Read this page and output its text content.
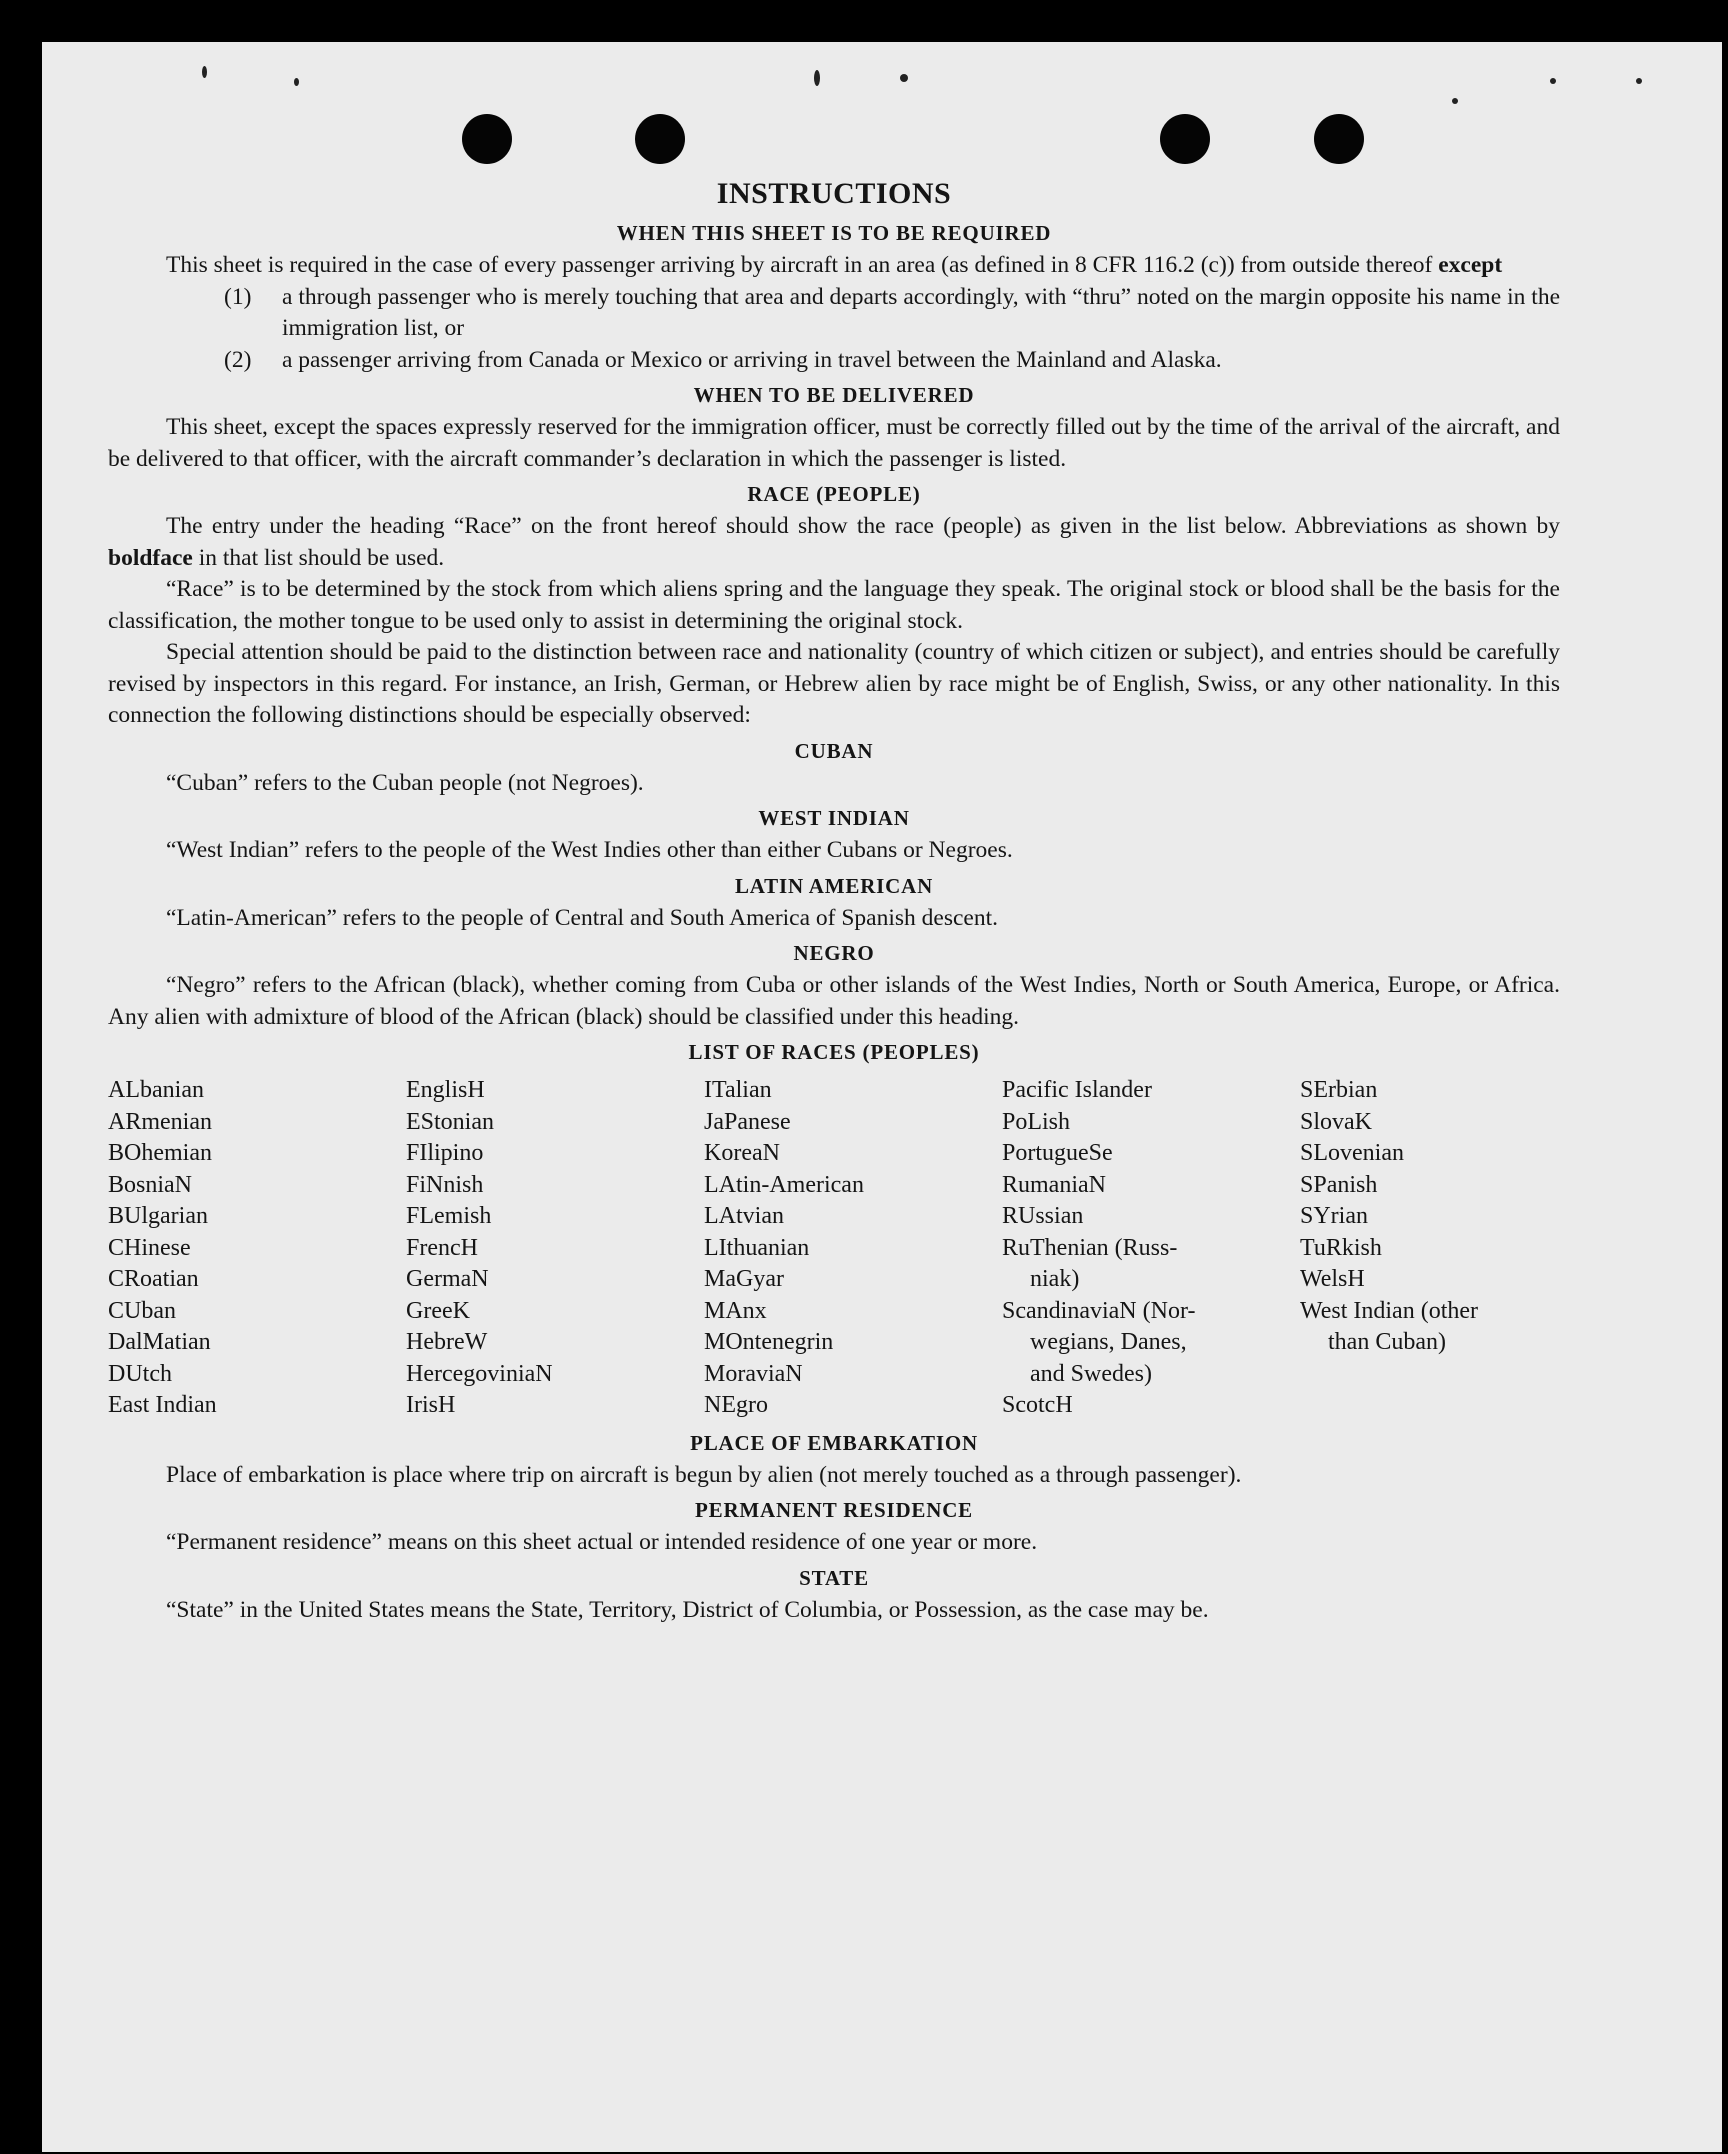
INSTRUCTIONS
WHEN THIS SHEET IS TO BE REQUIRED

This sheet is required in the case of every passenger arriving by aircraft in an area (as defined in 8 CFR 116.2 (c)) from outside thereof except

(1)	a through passenger who is merely touching that area and departs accordingly, with “thru” noted on the margin opposite his name in the immigration list, or
(2)	a passenger arriving from Canada or Mexico or arriving in travel between the Mainland and Alaska.
WHEN TO BE DELIVERED

This sheet, except the spaces expressly reserved for the immigration officer, must be correctly filled out by the time of the arrival of the aircraft, and be delivered to that officer, with the aircraft commander’s declaration in which the passenger is listed.

RACE (PEOPLE)

The entry under the heading “Race” on the front hereof should show the race (people) as given in the list below. Abbreviations as shown by boldface in that list should be used.

“Race” is to be determined by the stock from which aliens spring and the language they speak. The original stock or blood shall be the basis for the classification, the mother tongue to be used only to assist in determining the original stock.

Special attention should be paid to the distinction between race and nationality (country of which citizen or subject), and entries should be carefully revised by inspectors in this regard. For instance, an Irish, German, or Hebrew alien by race might be of English, Swiss, or any other nationality. In this connection the following distinctions should be especially observed:

CUBAN

“Cuban” refers to the Cuban people (not Negroes).

WEST INDIAN

“West Indian” refers to the people of the West Indies other than either Cubans or Negroes.

LATIN AMERICAN

“Latin-American” refers to the people of Central and South America of Spanish descent.

NEGRO

“Negro” refers to the African (black), whether coming from Cuba or other islands of the West Indies, North or South America, Europe, or Africa. Any alien with admixture of blood of the African (black) should be classified under this heading.

LIST OF RACES (PEOPLES)
ALbanian
ARmenian
BOhemian
BosniaN
BUlgarian
CHinese
CRoatian
CUban
DalMatian
DUtch
East Indian
EnglisH
EStonian
FIlipino
FiNnish
FLemish
FrencH
GermaN
GreeK
HebreW
HercegoviniaN
IrisH
ITalian
JaPanese
KoreaN
LAtin-American
LAtvian
LIthuanian
MaGyar
MAnx
MOntenegrin
MoraviaN
NEgro
Pacific Islander
PoLish
PortugueSe
RumaniaN
RUssian
RuThenian (Russ-
niak)
ScandinaviaN (Nor-
wegians, Danes,
and Swedes)
ScotcH
SErbian
SlovaK
SLovenian
SPanish
SYrian
TuRkish
WelsH
West Indian (other
than Cuban)
PLACE OF EMBARKATION

Place of embarkation is place where trip on aircraft is begun by alien (not merely touched as a through passenger).

PERMANENT RESIDENCE

“Permanent residence” means on this sheet actual or intended residence of one year or more.

STATE

“State” in the United States means the State, Territory, District of Columbia, or Possession, as the case may be.
